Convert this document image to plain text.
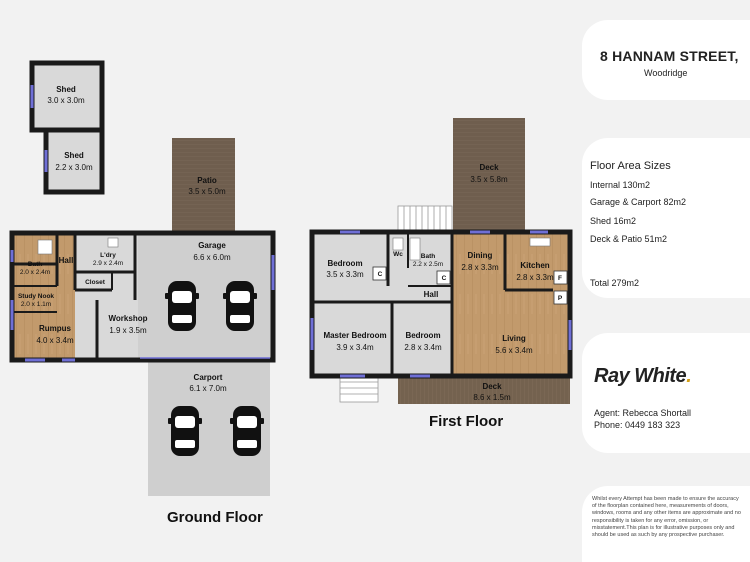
Shed
3.0 x 3.0m
Shed
2.2 x 3.0m
Patio
3.5 x 5.0m
Carport
6.1 x 7.0m
Bath
2.0 x 2.4m
Hall
L'dry
2.9 x 2.4m
Closet
Garage
6.6 x 6.0m
Study Nook
2.0 x 1.1m
Rumpus
4.0 x 3.4m
Workshop
1.9 x 3.5m
Deck
3.5 x 5.8m
Deck
8.6 x 1.5m
Bedroom
3.5 x 3.3m
Wc	Bath
2.2 x 2.5m
Dining
2.8 x 3.3m	Kitchen
2.8 x 3.3m
Hall
C
C	F
P
Master Bedroom
3.9 x 3.4m
Bedroom
2.8 x 3.4m
Living
5.6 x 3.4m
Ground Floor
First Floor
8 HANNAM STREET,
Woodridge
Floor Area Sizes
Internal 130m2
Garage & Carport 82m2
Shed 16m2
Deck & Patio 51m2
Total 279m2
Ray White.
Agent: Rebecca Shortall
Phone: 0449 183 323

Whilst every Attempt has been made to ensure the accuracy of the floorplan contained here, measurements of doors, windows, rooms and any other items are approximate and no responsibility is taken for any error, omission, or misstatement.This plan is for illustrative purposes only and should be used as such by any prospective purchaser.
